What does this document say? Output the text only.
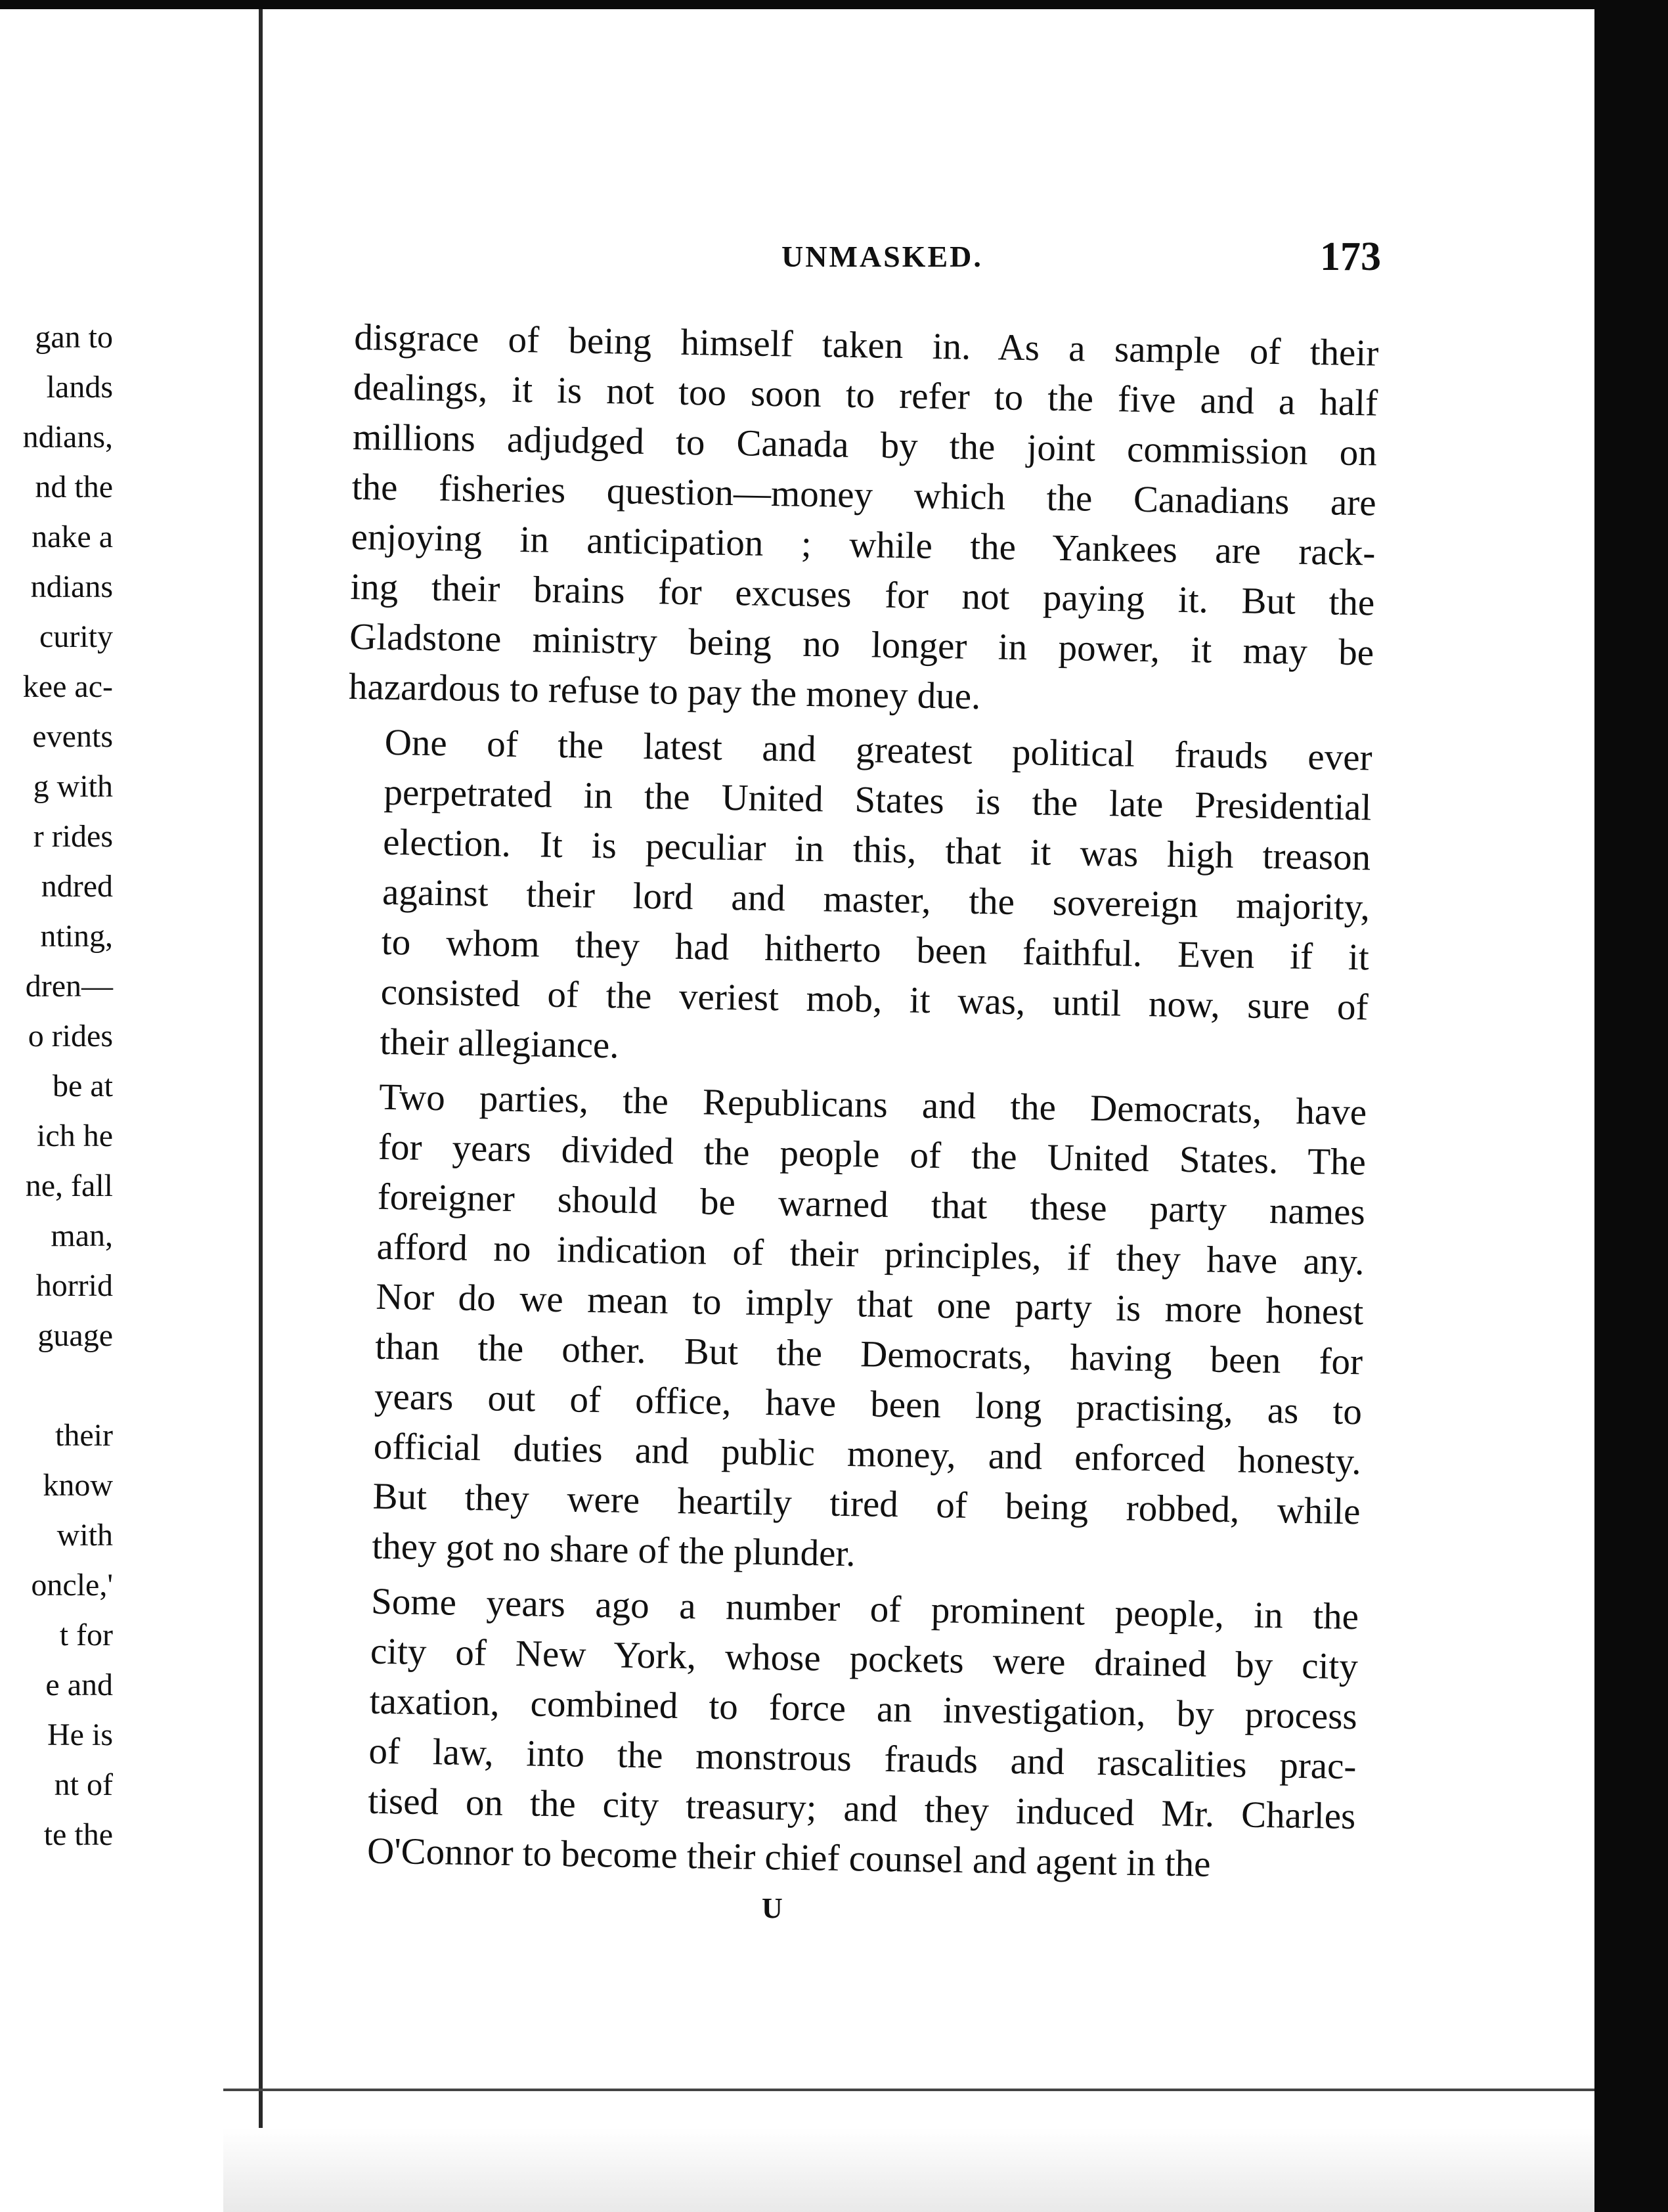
gan to
lands
ndians,
nd the
nake a
ndians
curity
kee ac-
events
g with
r rides
ndred
nting,
dren—
o rides
be at
ich he
ne, fall
man,
horrid
guage
their
know
with
oncle,'
t for
e and
He is
nt of
te the
UNMASKED.	173
disgrace of being himself taken in. As a sample of their
dealings, it is not too soon to refer to the five and a half
millions adjudged to Canada by the joint commission on
the fisheries question—money which the Canadians are
enjoying in anticipation ; while the Yankees are rack-
ing their brains for excuses for not paying it. But the
Gladstone ministry being no longer in power, it may be
hazardous to refuse to pay the money due.
One of the latest and greatest political frauds ever
perpetrated in the United States is the late Presidential
election. It is peculiar in this, that it was high treason
against their lord and master, the sovereign majority,
to whom they had hitherto been faithful. Even if it
consisted of the veriest mob, it was, until now, sure of
their allegiance.
Two parties, the Republicans and the Democrats, have
for years divided the people of the United States. The
foreigner should be warned that these party names
afford no indication of their principles, if they have any.
Nor do we mean to imply that one party is more honest
than the other. But the Democrats, having been for
years out of office, have been long practising, as to
official duties and public money, and enforced honesty.
But they were heartily tired of being robbed, while
they got no share of the plunder.
Some years ago a number of prominent people, in the
city of New York, whose pockets were drained by city
taxation, combined to force an investigation, by process
of law, into the monstrous frauds and rascalities prac-
tised on the city treasury; and they induced Mr. Charles
O'Connor to become their chief counsel and agent in the
U
